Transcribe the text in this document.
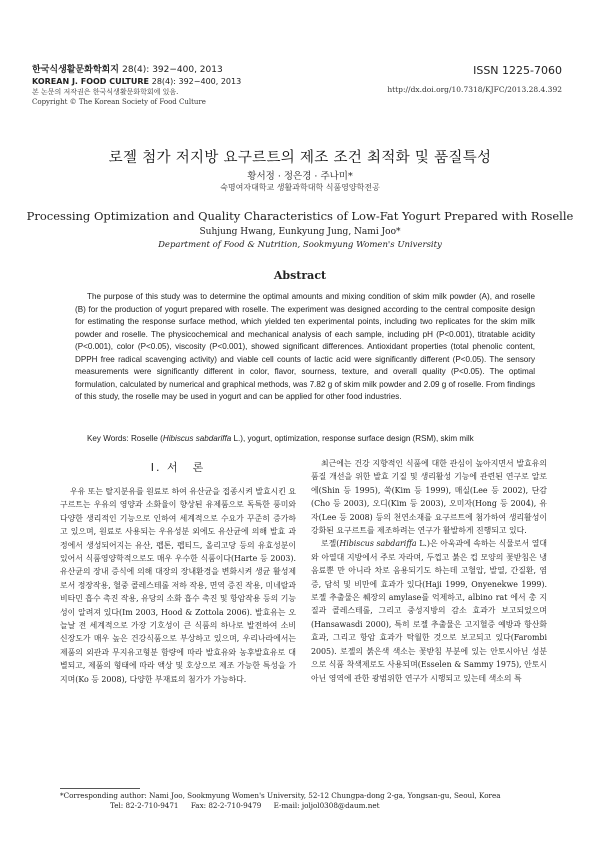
한국식생활문화학회지 28(4): 392−400, 2013
KOREAN J. FOOD CULTURE 28(4): 392−400, 2013
본 논문의 저작권은 한국식생활문화학회에 있음.
Copyright © The Korean Society of Food Culture
ISSN 1225-7060
http://dx.doi.org/10.7318/KJFC/2013.28.4.392
로젤 첨가 저지방 요구르트의 제조 조건 최적화 및 품질특성
황서정 · 정은경 · 주나미*
숙명여자대학교 생활과학대학 식품영양학전공
Processing Optimization and Quality Characteristics of Low-Fat Yogurt Prepared with Roselle
Suhjung Hwang, Eunkyung Jung, Nami Joo*
Department of Food & Nutrition, Sookmyung Women's University
Abstract
The purpose of this study was to determine the optimal amounts and mixing condition of skim milk powder (A), and roselle (B) for the production of yogurt prepared with roselle. The experiment was designed according to the central composite design for estimating the response surface method, which yielded ten experimental points, including two replicates for the skim milk powder and roselle. The physicochemical and mechanical analysis of each sample, including pH (P<0.001), titratable acidity (P<0.001), color (P<0.05), viscosity (P<0.001), showed significant differences. Antioxidant properties (total phenolic content, DPPH free radical scavenging activity) and viable cell counts of lactic acid were significantly different (P<0.05). The sensory measurements were significantly different in color, flavor, sourness, texture, and overall quality (P<0.05). The optimal formulation, calculated by numerical and graphical methods, was 7.82 g of skim milk powder and 2.09 g of roselle. From findings of this study, the roselle may be used in yogurt and can be applied for other food industries.
Key Words: Roselle (Hibiscus sabdariffa L.), yogurt, optimization, response surface design (RSM), skim milk
Ⅰ. 서　론
우유 또는 탈지분유를 원료로 하여 유산균을 접종시켜 발효시킨 요구르트는 우유의 영양과 소화율이 향상된 유제품으로 독특한 풍미와 다양한 생리적인 기능으로 인하여 세계적으로 수요가 꾸준히 증가하고 있으며, 원료로 사용되는 우유성분 외에도 유산균에 의해 발효 과정에서 생성되어지는 유산, 펩톤, 펩티드, 올리고당 등의 유효성분이 있어서 식품영양학적으로도 매우 우수한 식품이다(Harte 등 2003). 유산균의 장내 증식에 의해 대장의 장내환경을 변화시켜 생균 활성제로서 정장작용, 혈중 콜레스테롤 저하 작용, 면역 증진 작용, 미네랄과 비타민 흡수 촉진 작용, 유당의 소화 흡수 촉진 및 항암작용 등의 기능성이 알려져 있다(Im 2003, Hood & Zottola 2006). 발효유는 오늘날 전 세계적으로 가장 기호성이 큰 식품의 하나로 발전하여 소비 신장도가 매우 높은 건강식품으로 부상하고 있으며, 우리나라에서는 제품의 외관과 무지유고형분 함량에 따라 발효유와 농후발효유로 대별되고, 제품의 형태에 따라 액상 및 호상으로 제조 가능한 특성을 가지며(Ko 등 2008), 다양한 부재료의 첨가가 가능하다.
최근에는 건강 지향적인 식품에 대한 관심이 높아지면서 발효유의 품질 개선을 위한 발효 기질 및 생리활성 기능에 관련된 연구로 알로에(Shin 등 1995), 쑥(Kim 등 1999), 매실(Lee 등 2002), 단감(Cho 등 2003), 오디(Kim 등 2003), 오미자(Hong 등 2004), 유자(Lee 등 2008) 등의 천연소재를 요구르트에 첨가하여 생리활성이 강화된 요구르트를 제조하려는 연구가 활발하게 진행되고 있다.
로젤(Hibiscus sabdariffa L.)은 아욱과에 속하는 식물로서 열대와 아열대 지방에서 주로 자라며, 두껍고 붉은 컵 모양의 꽃받침은 냉 음료뿐 만 아니라 차로 음용되기도 하는데 고혈압, 발열, 간질환, 염증, 담석 및 비만에 효과가 있다(Haji 1999, Onyenekwe 1999). 로젤 추출물은 췌장의 amylase를 억제하고, albino rat 에서 총 지질과 콜레스테롤, 그리고 중성지방의 감소 효과가 보고되었으며(Hansawasdi 2000), 특히 로젤 추출물은 고지혈증 예방과 항산화 효과, 그리고 항암 효과가 탁월한 것으로 보고되고 있다(Farombi 2005). 로젤의 붉은색 색소는 꽃받침 부분에 있는 안토시아닌 성분으로 식품 착색제로도 사용되며(Esselen & Sammy 1975), 안토시아닌 영역에 관한 광범위한 연구가 시행되고 있는데 색소의 특
*Corresponding author: Nami Joo, Sookmyung Women's University, 52-12 Chungpa-dong 2-ga, Yongsan-gu, Seoul, Korea
Tel: 82-2-710-9471 Fax: 82-2-710-9479 E-mail: joljol0308@daum.net
